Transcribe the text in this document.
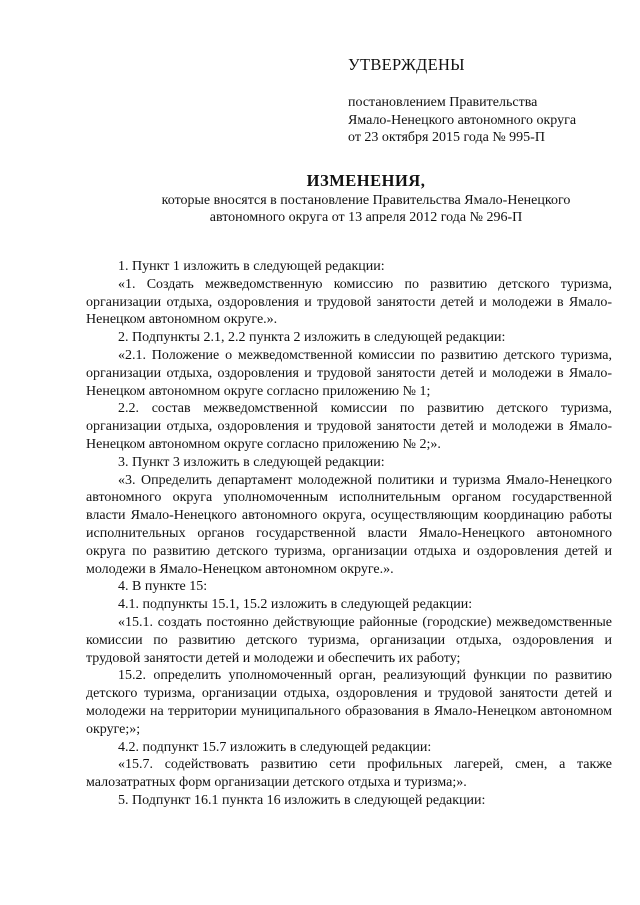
УТВЕРЖДЕНЫ
постановлением Правительства
Ямало-Ненецкого автономного округа
от 23 октября 2015 года № 995-П
ИЗМЕНЕНИЯ,
которые вносятся в постановление Правительства Ямало-Ненецкого
автономного округа от 13 апреля 2012 года № 296-П

1. Пункт 1 изложить в следующей редакции:

«1. Создать межведомственную комиссию по развитию детского туризма, организации отдыха, оздоровления и трудовой занятости детей и молодежи в Ямало-Ненецком автономном округе.».

2. Подпункты 2.1, 2.2 пункта 2 изложить в следующей редакции:

«2.1. Положение о межведомственной комиссии по развитию детского туризма, организации отдыха, оздоровления и трудовой занятости детей и молодежи в Ямало-Ненецком автономном округе согласно приложению № 1;

2.2. состав межведомственной комиссии по развитию детского туризма, организации отдыха, оздоровления и трудовой занятости детей и молодежи в Ямало-Ненецком автономном округе согласно приложению № 2;».

3. Пункт 3 изложить в следующей редакции:

«3. Определить департамент молодежной политики и туризма Ямало-Ненецкого автономного округа уполномоченным исполнительным органом государственной власти Ямало-Ненецкого автономного округа, осуществляющим координацию работы исполнительных органов государственной власти Ямало-Ненецкого автономного округа по развитию детского туризма, организации отдыха и оздоровления детей и молодежи в Ямало-Ненецком автономном округе.».

4. В пункте 15:

4.1. подпункты 15.1, 15.2 изложить в следующей редакции:

«15.1. создать постоянно действующие районные (городские) межведомственные комиссии по развитию детского туризма, организации отдыха, оздоровления и трудовой занятости детей и молодежи и обеспечить их работу;

15.2. определить уполномоченный орган, реализующий функции по развитию детского туризма, организации отдыха, оздоровления и трудовой занятости детей и молодежи на территории муниципального образования в Ямало-Ненецком автономном округе;»;

4.2. подпункт 15.7 изложить в следующей редакции:

«15.7. содействовать развитию сети профильных лагерей, смен, а также малозатратных форм организации детского отдыха и туризма;».

5. Подпункт 16.1 пункта 16 изложить в следующей редакции:
